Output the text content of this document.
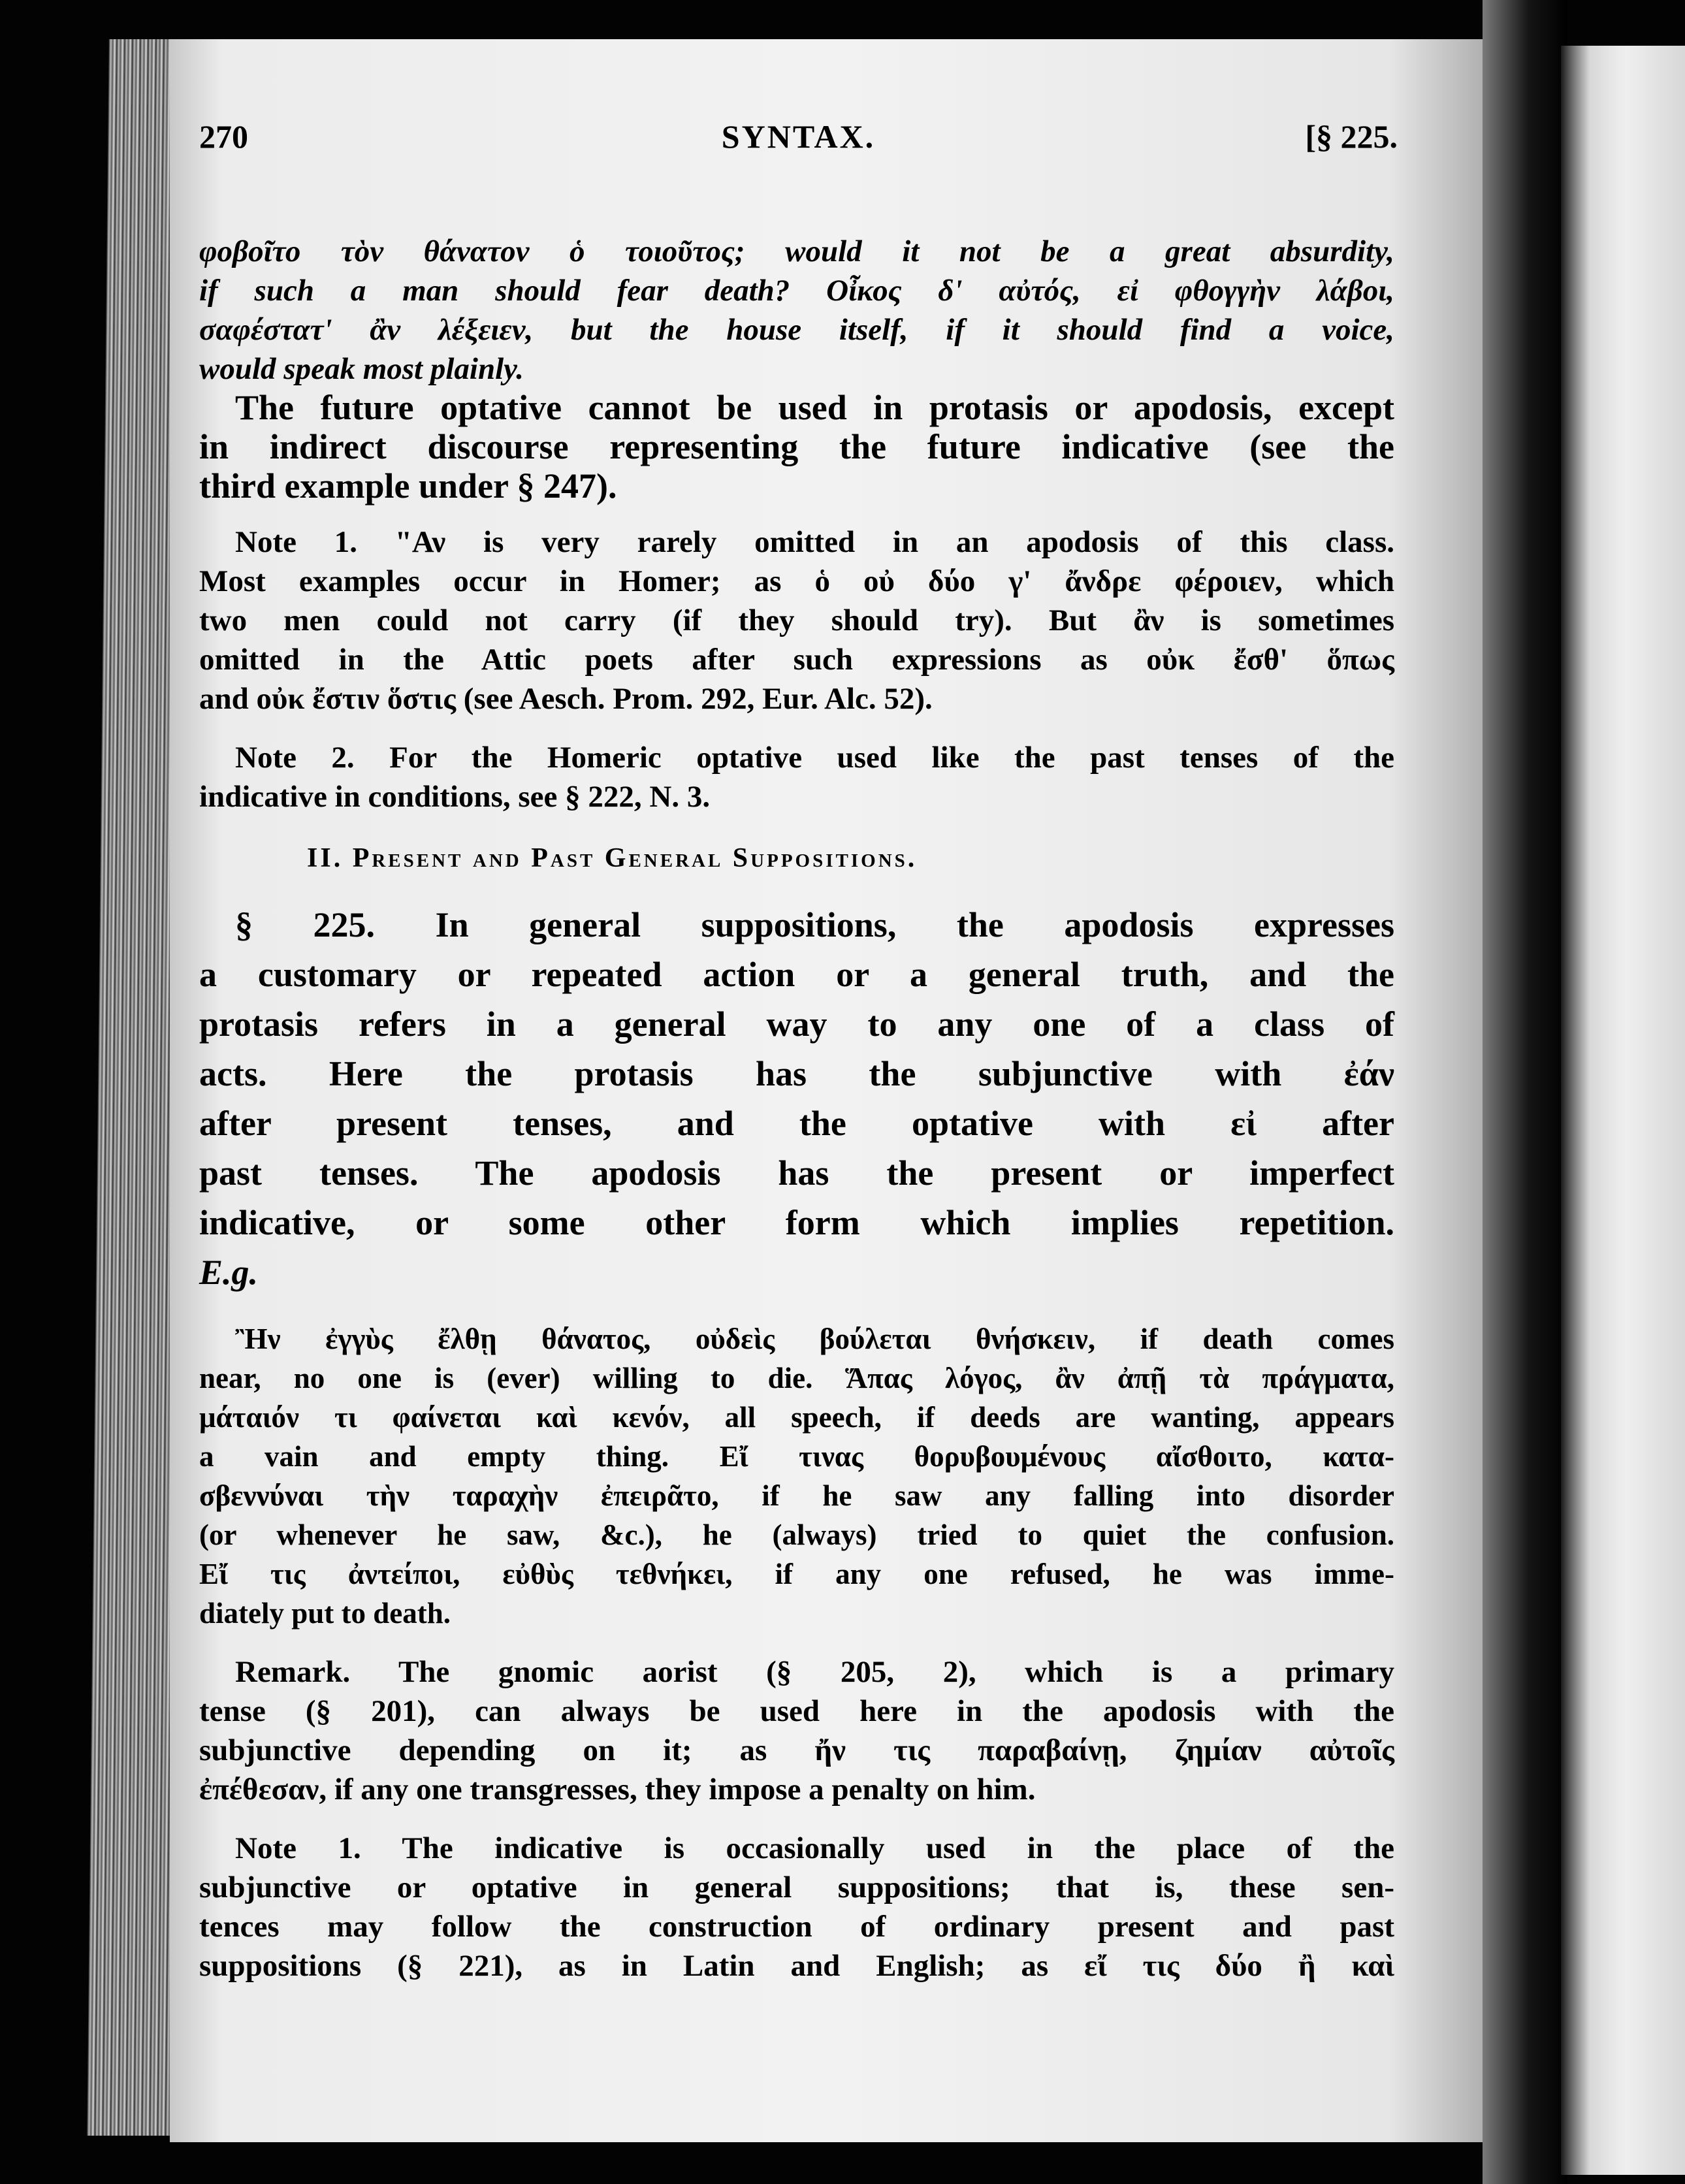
270	SYNTAX.	[§ 225.
φοβοῖτο τὸν θάνατον ὁ τοιοῦτος; would it not be a great absurdity,
if such a man should fear death? Οἶκος δ' αὐτός, εἰ φθογγὴν λάβοι,
σαφέστατ' ἂν λέξειεν, but the house itself, if it should find a voice,
would speak most plainly.
The future optative cannot be used in protasis or apodosis, except
in indirect discourse representing the future indicative (see the
third example under § 247).
Note 1. "Αν is very rarely omitted in an apodosis of this class.
Most examples occur in Homer; as ὁ οὐ δύο γ' ἄνδρε φέροιεν, which
two men could not carry (if they should try). But ἂν is sometimes
omitted in the Attic poets after such expressions as οὐκ ἔσθ' ὅπως
and οὐκ ἔστιν ὅστις (see Aesch. Prom. 292, Eur. Alc. 52).
Note 2. For the Homeric optative used like the past tenses of the
indicative in conditions, see § 222, N. 3.
II. Present and Past General Suppositions.
§ 225. In general suppositions, the apodosis expresses
a customary or repeated action or a general truth, and the
protasis refers in a general way to any one of a class of
acts. Here the protasis has the subjunctive with ἐάν
after present tenses, and the optative with εἰ after
past tenses. The apodosis has the present or imperfect
indicative, or some other form which implies repetition.
E.g.
Ἢν ἐγγὺς ἔλθῃ θάνατος, οὐδεὶς βούλεται θνήσκειν, if death comes
near, no one is (ever) willing to die. Ἅπας λόγος, ἂν ἀπῇ τὰ πράγματα,
μάταιόν τι φαίνεται καὶ κενόν, all speech, if deeds are wanting, appears
a vain and empty thing. Εἴ τινας θορυβουμένους αἴσθοιτο, κατα-
σβεννύναι τὴν ταραχὴν ἐπειρᾶτο, if he saw any falling into disorder
(or whenever he saw, &c.), he (always) tried to quiet the confusion.
Εἴ τις ἀντείποι, εὐθὺς τεθνήκει, if any one refused, he was imme-
diately put to death.
Remark. The gnomic aorist (§ 205, 2), which is a primary
tense (§ 201), can always be used here in the apodosis with the
subjunctive depending on it; as ἤν τις παραβαίνῃ, ζημίαν αὐτοῖς
ἐπέθεσαν, if any one transgresses, they impose a penalty on him.
Note 1. The indicative is occasionally used in the place of the
subjunctive or optative in general suppositions; that is, these sen-
tences may follow the construction of ordinary present and past
suppositions (§ 221), as in Latin and English; as εἴ τις δύο ἢ καὶ
